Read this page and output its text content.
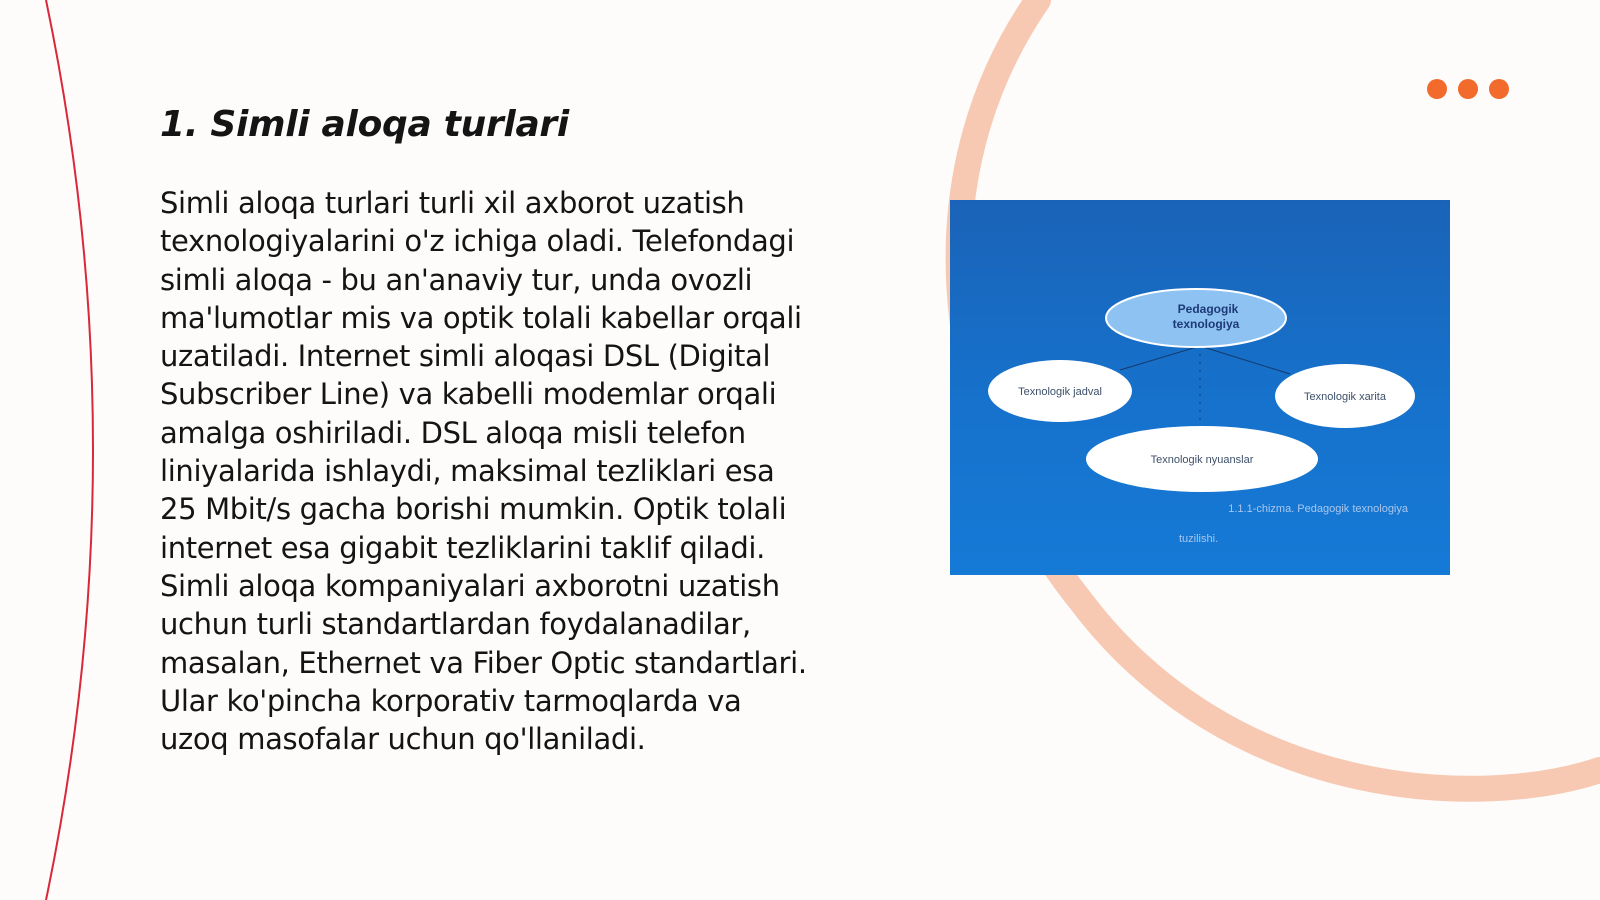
1. Simli aloqa turlari

Simli aloqa turlari turli xil axborot uzatish
texnologiyalarini o'z ichiga oladi. Telefondagi
simli aloqa - bu an'anaviy tur, unda ovozli
ma'lumotlar mis va optik tolali kabellar orqali
uzatiladi. Internet simli aloqasi DSL (Digital
Subscriber Line) va kabelli modemlar orqali
amalga oshiriladi. DSL aloqa misli telefon
liniyalarida ishlaydi, maksimal tezliklari esa
25 Mbit/s gacha borishi mumkin. Optik tolali
internet esa gigabit tezliklarini taklif qiladi.
Simli aloqa kompaniyalari axborotni uzatish
uchun turli standartlardan foydalanadilar,
masalan, Ethernet va Fiber Optic standartlari.
Ular ko'pincha korporativ tarmoqlarda va
uzoq masofalar uchun qo'llaniladi.

Pedagogik
texnologiya
Texnologik jadval	Texnologik xarita
Texnologik nyuanslar
1.1.1-chizma. Pedagogik texnologiya
tuzilishi.
